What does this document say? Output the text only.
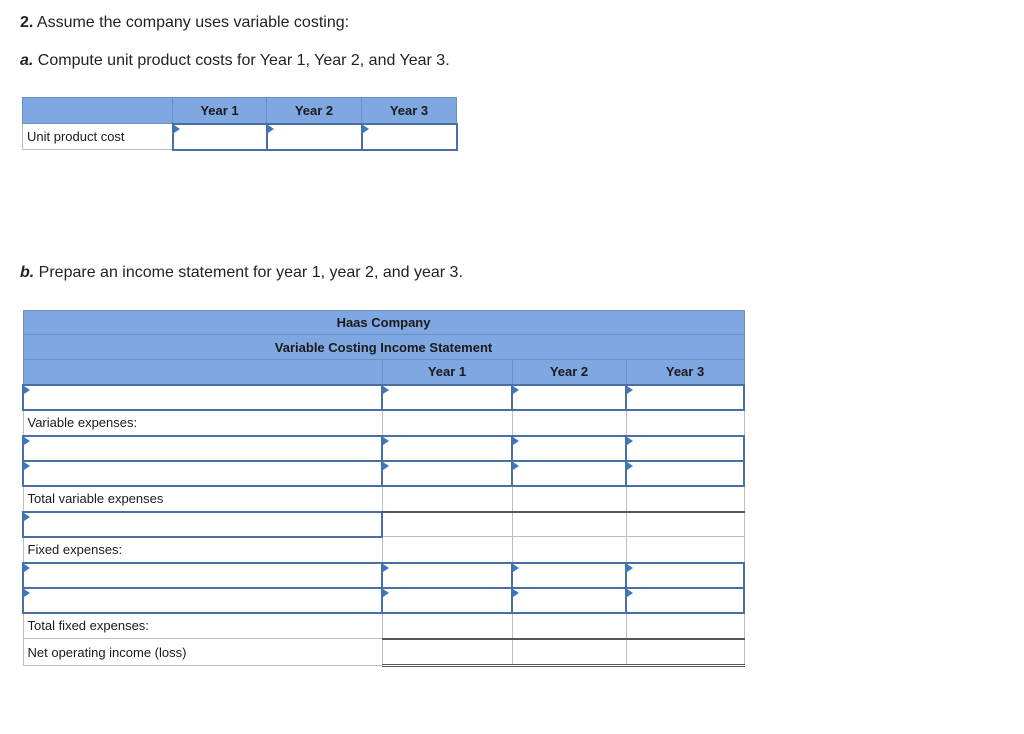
2. Assume the company uses variable costing:
a. Compute unit product costs for Year 1, Year 2, and Year 3.
	Year 1	Year 2	Year 3
Unit product cost			
b. Prepare an income statement for year 1, year 2, and year 3.
Haas Company			
Variable Costing Income Statement			
	Year 1	Year 2	Year 3

Variable expenses:			

Total variable expenses			

Fixed expenses:			

Total fixed expenses:			
Net operating income (loss)			
